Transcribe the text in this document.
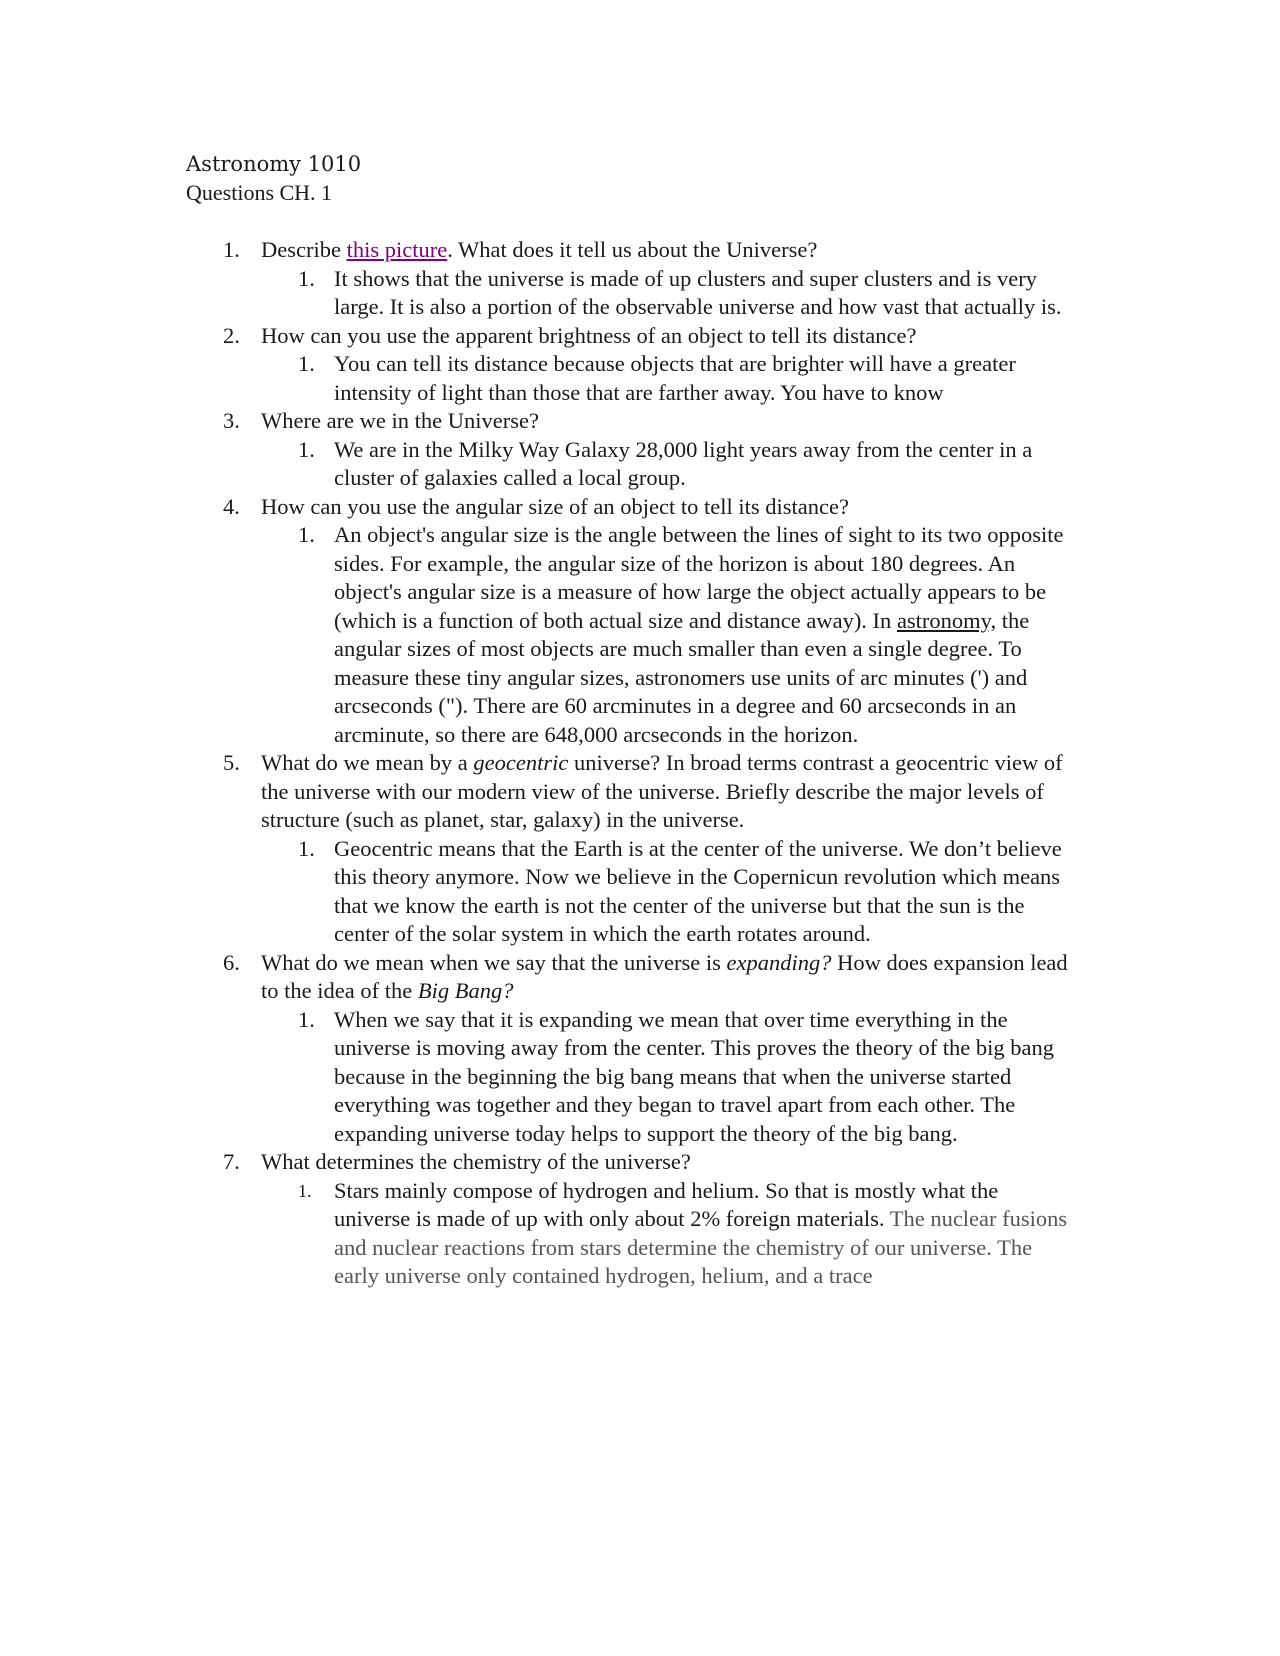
Astronomy 1010
Questions CH. 1
1. Describe this picture. What does it tell us about the Universe?
1. It shows that the universe is made of up clusters and super clusters and is very large. It is also a portion of the observable universe and how vast that actually is.
2. How can you use the apparent brightness of an object to tell its distance?
1. You can tell its distance because objects that are brighter will have a greater intensity of light than those that are farther away. You have to know
3. Where are we in the Universe?
1. We are in the Milky Way Galaxy 28,000 light years away from the center in a cluster of galaxies called a local group.
4. How can you use the angular size of an object to tell its distance?
1. An object's angular size is the angle between the lines of sight to its two opposite sides. For example, the angular size of the horizon is about 180 degrees. An object's angular size is a measure of how large the object actually appears to be (which is a function of both actual size and distance away). In astronomy, the angular sizes of most objects are much smaller than even a single degree. To measure these tiny angular sizes, astronomers use units of arc minutes (') and arcseconds ("). There are 60 arcminutes in a degree and 60 arcseconds in an arcminute, so there are 648,000 arcseconds in the horizon.
5. What do we mean by a geocentric universe? In broad terms contrast a geocentric view of the universe with our modern view of the universe. Briefly describe the major levels of structure (such as planet, star, galaxy) in the universe.
1. Geocentric means that the Earth is at the center of the universe. We don’t believe this theory anymore. Now we believe in the Copernicun revolution which means that we know the earth is not the center of the universe but that the sun is the center of the solar system in which the earth rotates around.
6. What do we mean when we say that the universe is expanding? How does expansion lead to the idea of the Big Bang?
1. When we say that it is expanding we mean that over time everything in the universe is moving away from the center. This proves the theory of the big bang because in the beginning the big bang means that when the universe started everything was together and they began to travel apart from each other. The expanding universe today helps to support the theory of the big bang.
7. What determines the chemistry of the universe?
1. Stars mainly compose of hydrogen and helium. So that is mostly what the universe is made of up with only about 2% foreign materials. The nuclear fusions and nuclear reactions from stars determine the chemistry of our universe. The early universe only contained hydrogen, helium, and a trace
